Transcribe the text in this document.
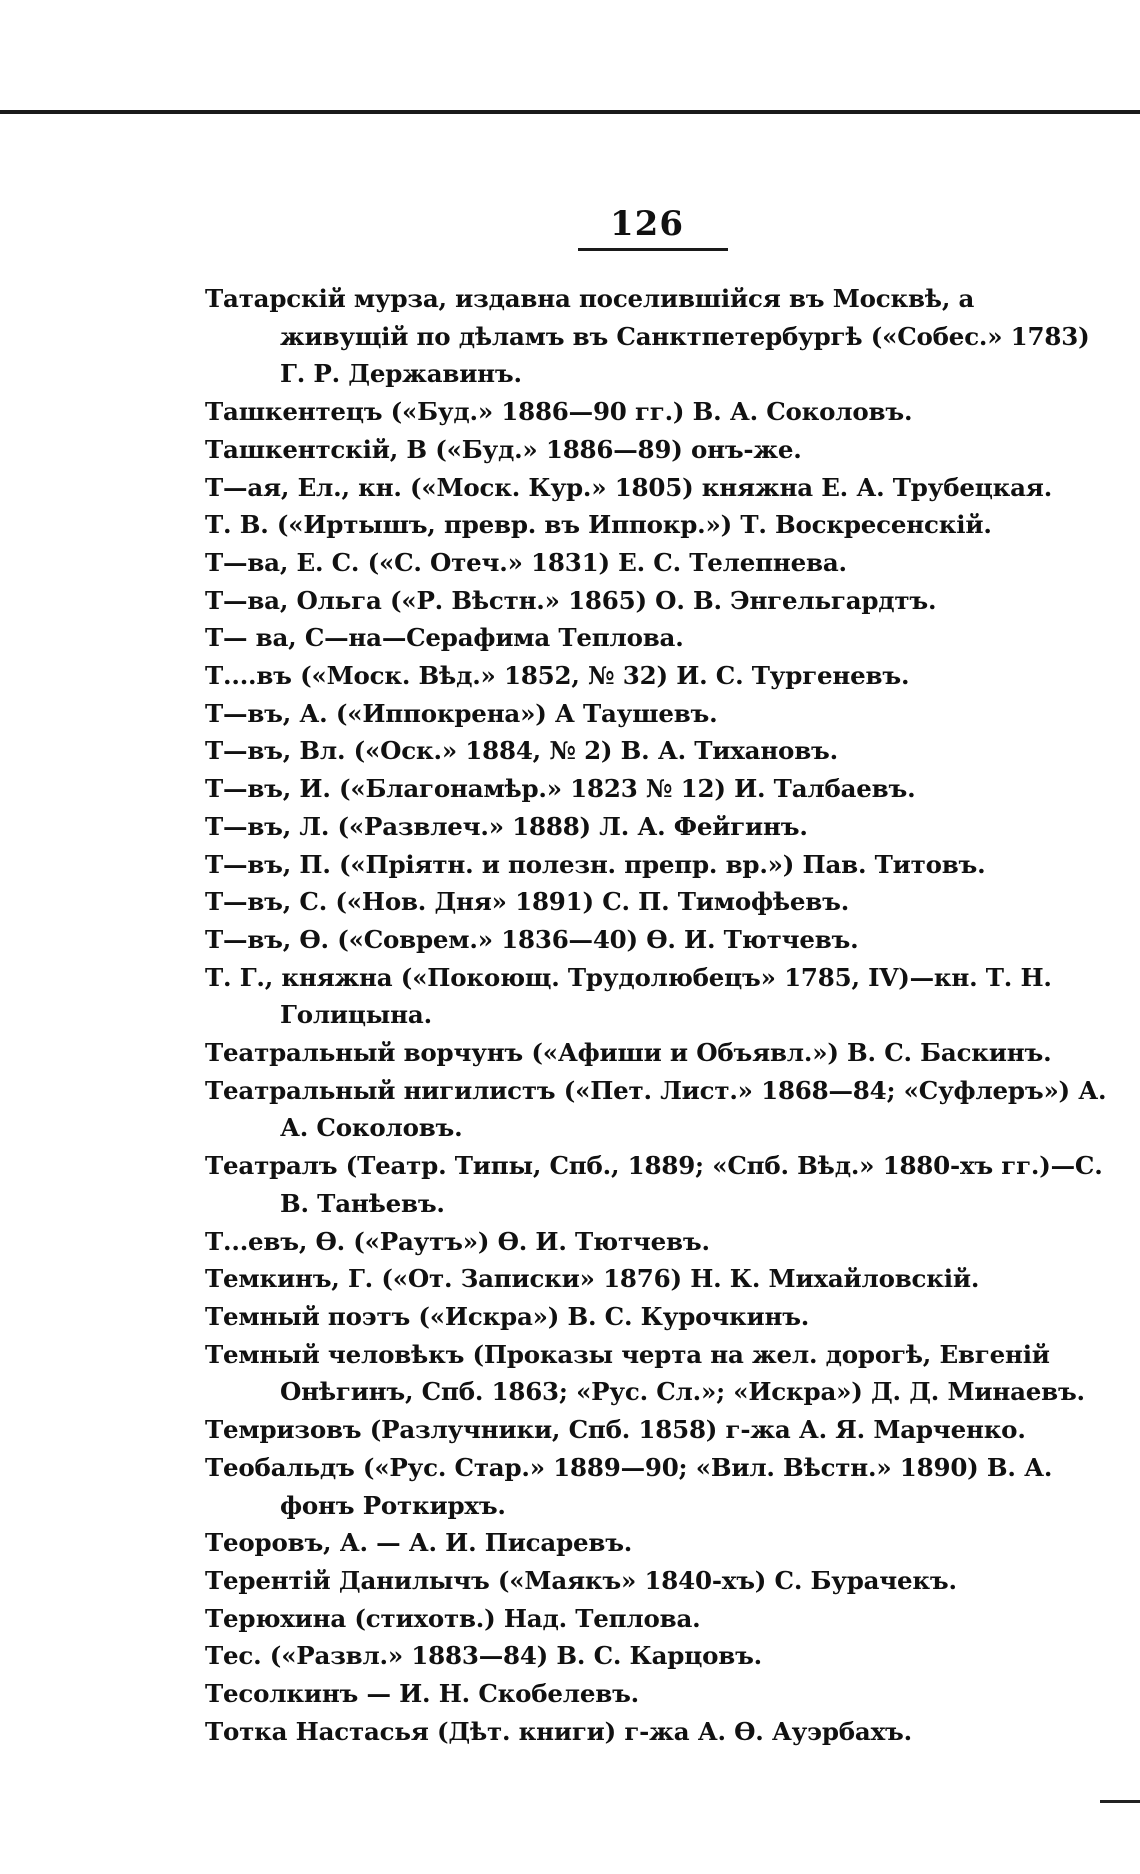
126
Татарскій мурза, издавна поселившійся въ Москвѣ, а живущій по дѣламъ въ Санктпетербургѣ («Собес.» 1783) Г. Р. Державинъ.
Ташкентецъ («Буд.» 1886—90 гг.) В. А. Соколовъ.
Ташкентскій, В («Буд.» 1886—89) онъ-же.
Т—ая, Ел., кн. («Моск. Кур.» 1805) княжна Е. А. Трубецкая.
Т. В. («Иртышъ, превр. въ Иппокр.») Т. Воскресенскій.
Т—ва, Е. С. («С. Отеч.» 1831) Е. С. Телепнева.
Т—ва, Ольга («Р. Вѣстн.» 1865) О. В. Энгельгардтъ.
Т— ва, С—на—Серафима Теплова.
Т....въ («Моск. Вѣд.» 1852, № 32) И. С. Тургеневъ.
Т—въ, А. («Иппокрена») А Таушевъ.
Т—въ, Вл. («Оск.» 1884, № 2) В. А. Тихановъ.
Т—въ, И. («Благонамѣр.» 1823 № 12) И. Талбаевъ.
Т—въ, Л. («Развлеч.» 1888) Л. А. Фейгинъ.
Т—въ, П. («Пріятн. и полезн. препр. вр.») Пав. Титовъ.
Т—въ, С. («Нов. Дня» 1891) С. П. Тимофѣевъ.
Т—въ, Ѳ. («Соврем.» 1836—40) Ѳ. И. Тютчевъ.
Т. Г., княжна («Покоющ. Трудолюбецъ» 1785, IV)—кн. Т. Н. Голицына.
Театральный ворчунъ («Афиши и Объявл.») В. С. Баскинъ.
Театральный нигилистъ («Пет. Лист.» 1868—84; «Суфлеръ») А. А. Соколовъ.
Театралъ (Театр. Типы, Спб., 1889; «Спб. Вѣд.» 1880-хъ гг.)—С. В. Танѣевъ.
Т...евъ, Ѳ. («Раутъ») Ѳ. И. Тютчевъ.
Темкинъ, Г. («От. Записки» 1876) Н. К. Михайловскій.
Темный поэтъ («Искра») В. С. Курочкинъ.
Темный человѣкъ (Проказы черта на жел. дорогѣ, Евгеній Онѣгинъ, Спб. 1863; «Рус. Сл.»; «Искра») Д. Д. Минаевъ.
Темризовъ (Разлучники, Спб. 1858) г-жа А. Я. Марченко.
Теобальдъ («Рус. Стар.» 1889—90; «Вил. Вѣстн.» 1890) В. А. фонъ Роткирхъ.
Теоровъ, А. — А. И. Писаревъ.
Терентій Данилычъ («Маякъ» 1840-хъ) С. Бурачекъ.
Терюхина (стихотв.) Над. Теплова.
Тес. («Развл.» 1883—84) В. С. Карцовъ.
Тесолкинъ — И. Н. Скобелевъ.
Тотка Настасья (Дѣт. книги) г-жа А. Ѳ. Ауэрбахъ.
